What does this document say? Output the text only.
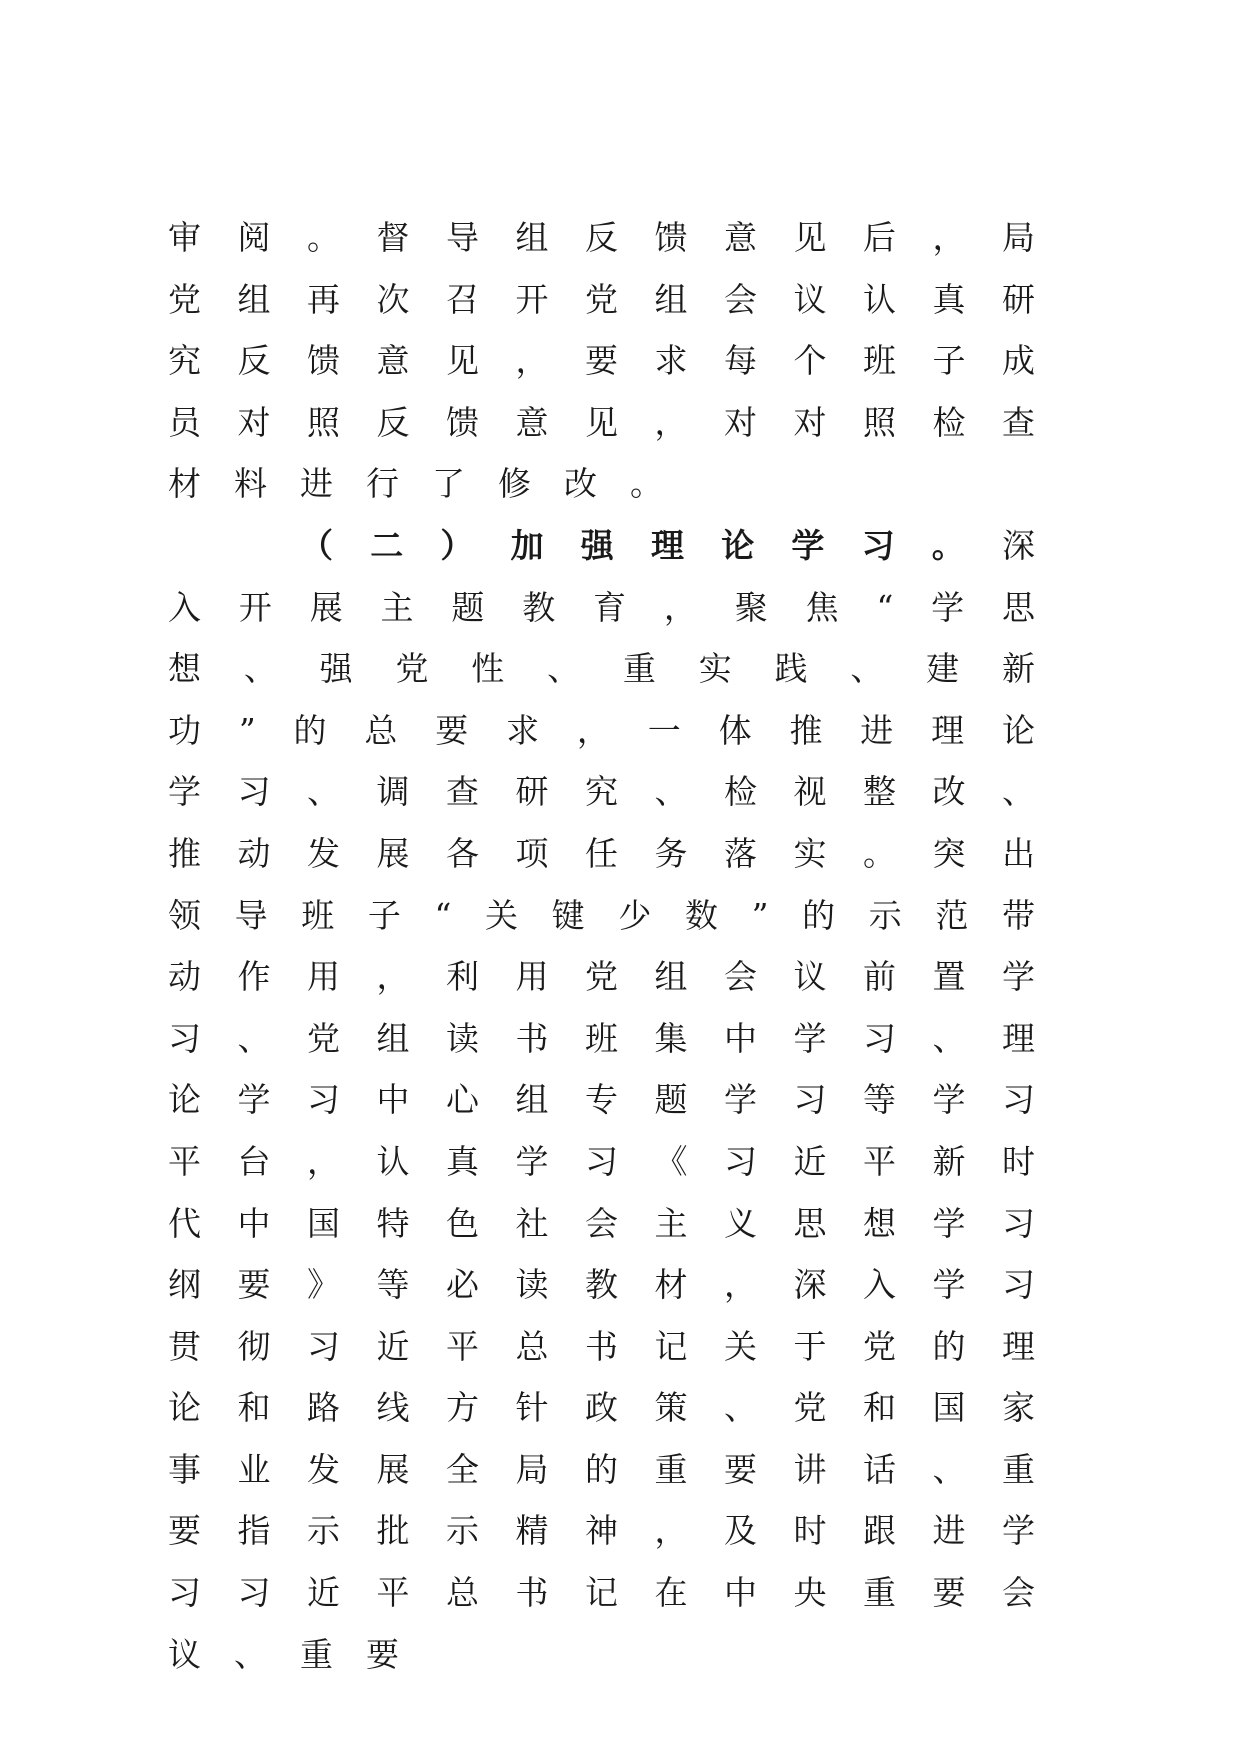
审阅。督导组反馈意见后，局党组再次召开党组会议认真研究反馈意见，要求每个班子成员对照反馈意见，对对照检查材料进行了修改。

（二）加强理论学习。深入开展主题教育，聚焦“学思想、强党性、重实践、建新功”的总要求，一体推进理论学习、调查研究、检视整改、推动发展各项任务落实。突出领导班子“关键少数”的示范带动作用，利用党组会议前置学习、党组读书班集中学习、理论学习中心组专题学习等学习平台，认真学习《习近平新时代中国特色社会主义思想学习纲要》等必读教材，深入学习贯彻习近平总书记关于党的理论和路线方针政策、党和国家事业发展全局的重要讲话、重要指示批示精神，及时跟进学习习近平总书记在中央重要会议、重要
